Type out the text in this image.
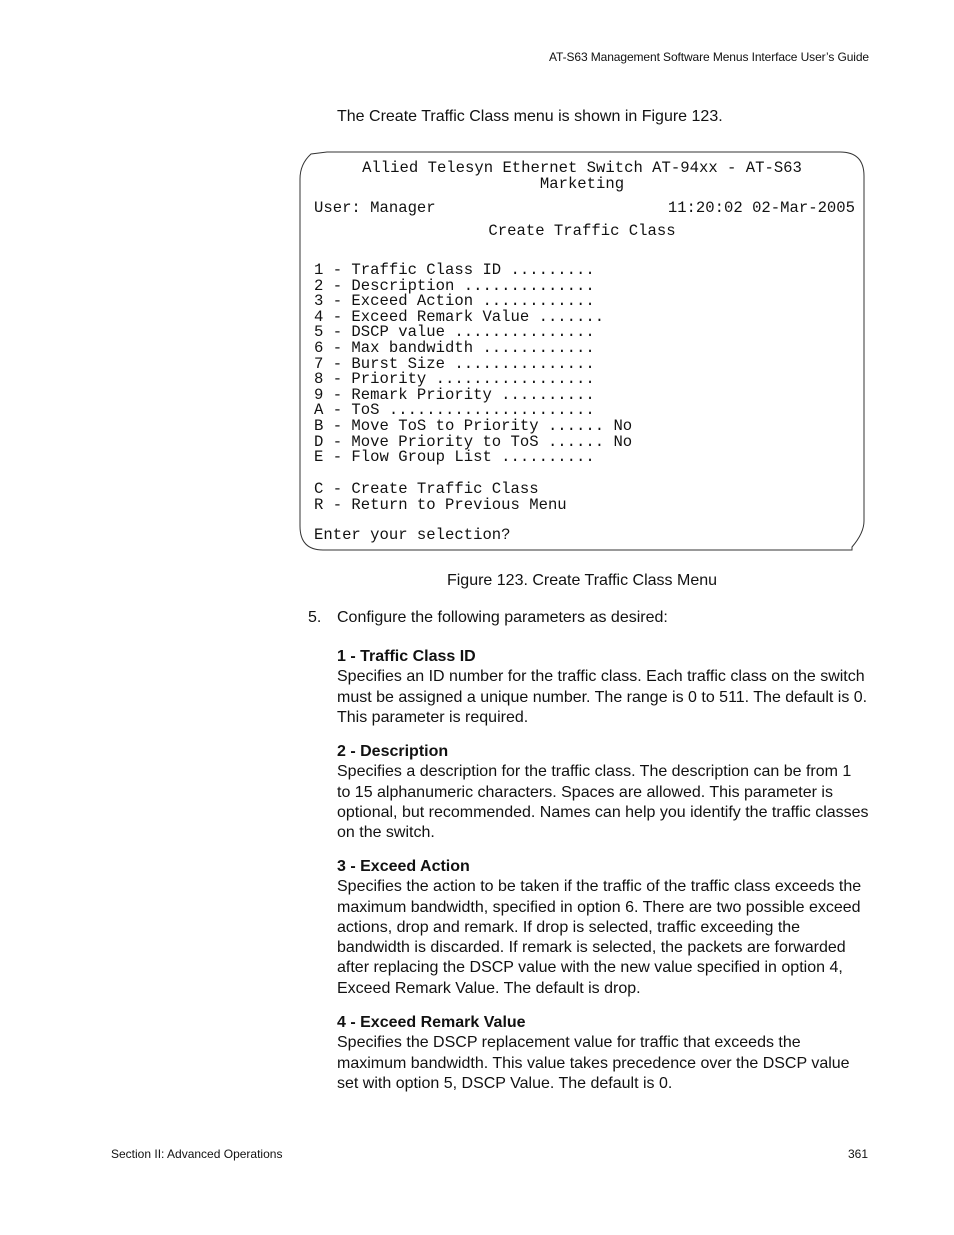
AT-S63 Management Software Menus Interface User’s Guide
The Create Traffic Class menu is shown in Figure 123.
Allied Telesyn Ethernet Switch AT-94xx - AT-S63
Marketing
User: Manager	11:20:02 02-Mar-2005
Create Traffic Class
1 - Traffic Class ID .........
2 - Description ..............
3 - Exceed Action ............
4 - Exceed Remark Value .......
5 - DSCP value ...............
6 - Max bandwidth ............
7 - Burst Size ...............
8 - Priority .................
9 - Remark Priority ..........
A - ToS ......................
B - Move ToS to Priority ...... No
D - Move Priority to ToS ...... No
E - Flow Group List ..........
C - Create Traffic Class
R - Return to Previous Menu
Enter your selection?
Figure 123. Create Traffic Class Menu
5. Configure the following parameters as desired:
1 - Traffic Class ID

Specifies an ID number for the traffic class. Each traffic class on the switch must be assigned a unique number. The range is 0 to 511. The default is 0. This parameter is required.

2 - Description

Specifies a description for the traffic class. The description can be from 1 to 15 alphanumeric characters. Spaces are allowed. This parameter is optional, but recommended. Names can help you identify the traffic classes on the switch.

3 - Exceed Action

Specifies the action to be taken if the traffic of the traffic class exceeds the maximum bandwidth, specified in option 6. There are two possible exceed actions, drop and remark. If drop is selected, traffic exceeding the bandwidth is discarded. If remark is selected, the packets are forwarded after replacing the DSCP value with the new value specified in option 4, Exceed Remark Value. The default is drop.

4 - Exceed Remark Value

Specifies the DSCP replacement value for traffic that exceeds the maximum bandwidth. This value takes precedence over the DSCP value set with option 5, DSCP Value. The default is 0.

Section II: Advanced Operations	361
